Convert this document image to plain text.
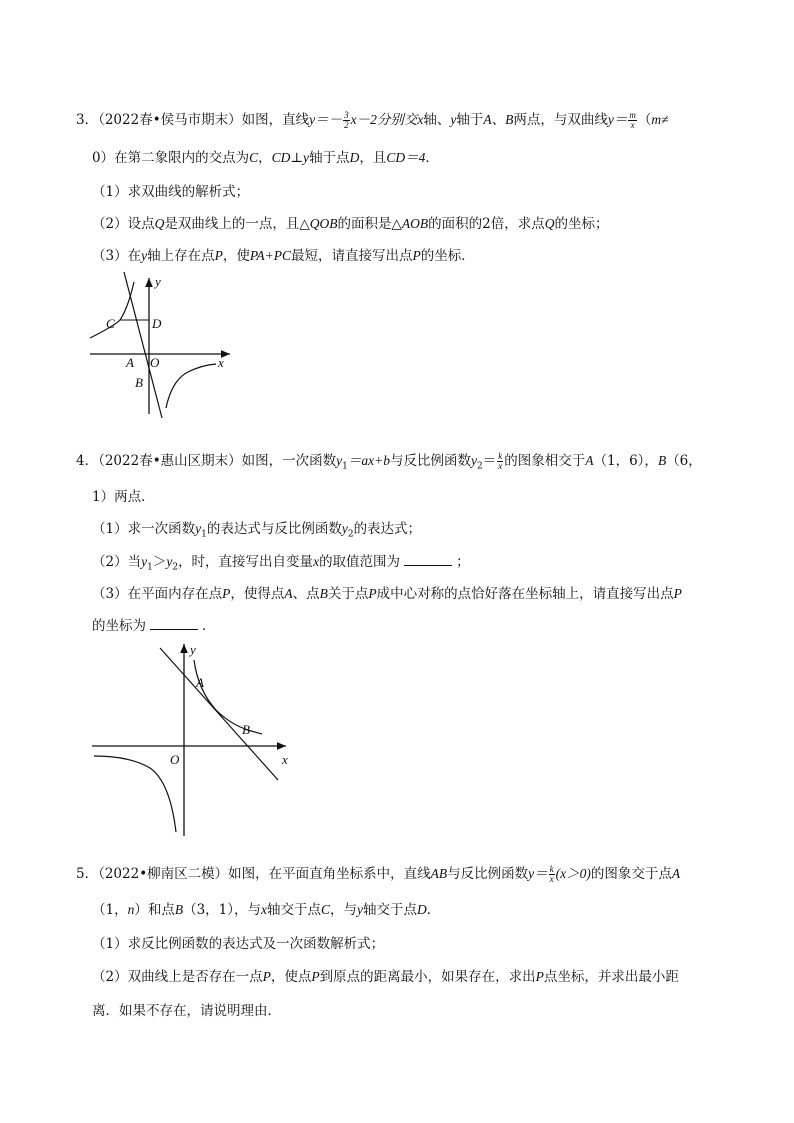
3．（2022春•侯马市期末）如图，直线$y=- \frac{3}{2} x-2$分别交x轴、y轴于A、B两点，与双曲线$y= \frac{m}{x} (m\ne$
0）在第二象限内的交点为C，CD⊥y轴于点D，且CD＝4．
（1）求双曲线的解析式；
（2）设点Q是双曲线上的一点，且△QOB的面积是△AOB的面积的2倍，求点Q的坐标；
（3）在y轴上存在点P，使PA+PC最短，请直接写出点P的坐标．
C	D
A O
B
y
x
4．（2022春•惠山区期末）如图，一次函数$y_1=ax+b$与反比例函数$y_2= \frac{k}{x}$ 的图象相交于A（1，6），B（6，
1）两点．
（1）求一次函数$y_1$的表达式与反比例函数$y_2$的表达式；
（2）当$y_1>y_2$，时，直接写出自变量x的取值范围为	；
（3）在平面内存在点P，使得点A、点B关于点P成中心对称的点恰好落在坐标轴上，请直接写出点P
的坐标为	．
A
B
O
y
x
5．（2022•柳南区二模）如图，在平面直角坐标系中，直线AB与反比例函数$y= \frac{k}{x} (x>0)$的图象交于点A
（1，n）和点B（3，1），与x轴交于点C，与y轴交于点D．
（1）求反比例函数的表达式及一次函数解析式；
（2）双曲线上是否存在一点P，使点P到原点的距离最小，如果存在，求出P点坐标，并求出最小距
离．如果不存在，请说明理由．
